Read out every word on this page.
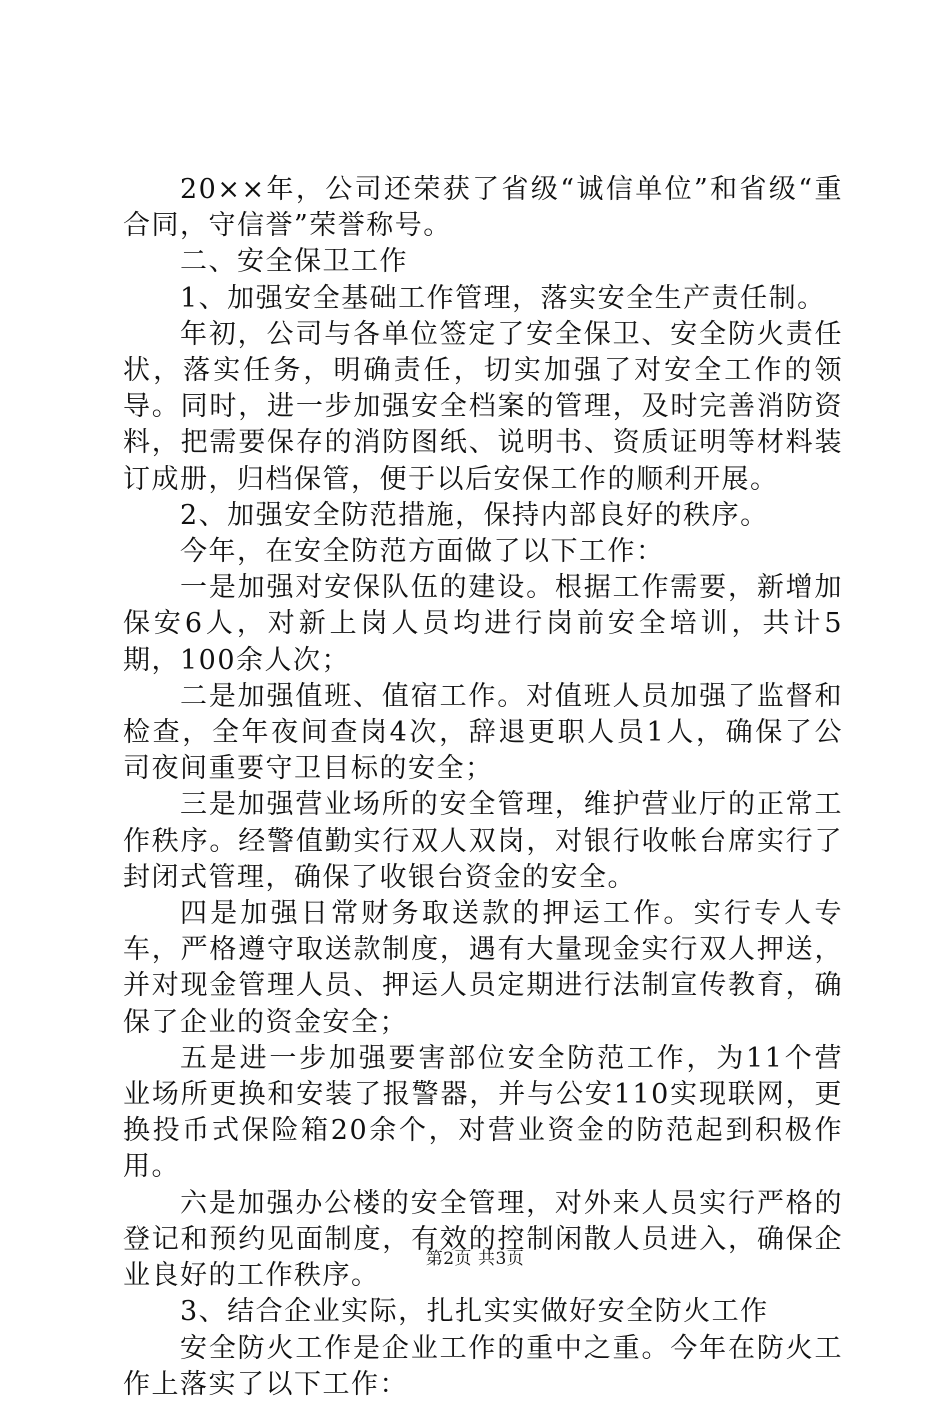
20××年，公司还荣获了省级“诚信单位”和省级“重合同，守信誉”荣誉称号。

二、安全保卫工作

1、加强安全基础工作管理，落实安全生产责任制。

年初，公司与各单位签定了安全保卫、安全防火责任状，落实任务，明确责任，切实加强了对安全工作的领导。同时，进一步加强安全档案的管理，及时完善消防资料，把需要保存的消防图纸、说明书、资质证明等材料装订成册，归档保管，便于以后安保工作的顺利开展。

2、加强安全防范措施，保持内部良好的秩序。

今年，在安全防范方面做了以下工作：

一是加强对安保队伍的建设。根据工作需要，新增加保安6人，对新上岗人员均进行岗前安全培训，共计5期，100余人次；

二是加强值班、值宿工作。对值班人员加强了监督和检查，全年夜间查岗4次，辞退更职人员1人，确保了公司夜间重要守卫目标的安全；

三是加强营业场所的安全管理，维护营业厅的正常工作秩序。经警值勤实行双人双岗，对银行收帐台席实行了封闭式管理，确保了收银台资金的安全。

四是加强日常财务取送款的押运工作。实行专人专车，严格遵守取送款制度，遇有大量现金实行双人押送，并对现金管理人员、押运人员定期进行法制宣传教育，确保了企业的资金安全；

五是进一步加强要害部位安全防范工作，为11个营业场所更换和安装了报警器，并与公安110实现联网，更换投币式保险箱20余个，对营业资金的防范起到积极作用。

六是加强办公楼的安全管理，对外来人员实行严格的登记和预约见面制度，有效的控制闲散人员进入，确保企业良好的工作秩序。

3、结合企业实际，扎扎实实做好安全防火工作

安全防火工作是企业工作的重中之重。今年在防火工作上落实了以下工作：

第2页 共3页
